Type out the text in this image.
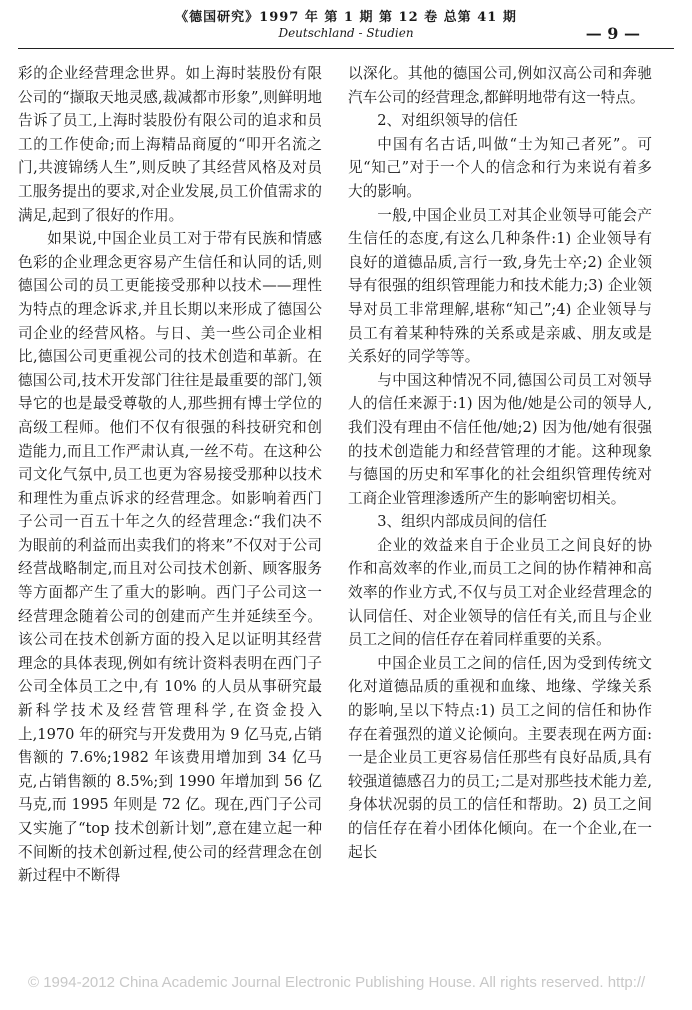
《德国研究》1997 年 第 1 期 第 12 卷 总第 41 期
Deutschland - Studien	— 9 —

彩的企业经营理念世界。如上海时装股份有限公司的“撷取天地灵感,裁减都市形象”,则鲜明地告诉了员工,上海时装股份有限公司的追求和员工的工作使命;而上海精品商厦的“叩开名流之门,共渡锦绣人生”,则反映了其经营风格及对员工服务提出的要求,对企业发展,员工价值需求的满足,起到了很好的作用。

如果说,中国企业员工对于带有民族和情感色彩的企业理念更容易产生信任和认同的话,则德国公司的员工更能接受那种以技术——理性为特点的理念诉求,并且长期以来形成了德国公司企业的经营风格。与日、美一些公司企业相比,德国公司更重视公司的技术创造和革新。在德国公司,技术开发部门往往是最重要的部门,领导它的也是最受尊敬的人,那些拥有博士学位的高级工程师。他们不仅有很强的科技研究和创造能力,而且工作严肃认真,一丝不苟。在这种公司文化气氛中,员工也更为容易接受那种以技术和理性为重点诉求的经营理念。如影响着西门子公司一百五十年之久的经营理念:“我们决不为眼前的利益而出卖我们的将来”不仅对于公司经营战略制定,而且对公司技术创新、顾客服务等方面都产生了重大的影响。西门子公司这一经营理念随着公司的创建而产生并延续至今。该公司在技术创新方面的投入足以证明其经营理念的具体表现,例如有统计资料表明在西门子公司全体员工之中,有 10% 的人员从事研究最新科学技术及经营管理科学,在资金投入上,1970 年的研究与开发费用为 9 亿马克,占销售额的 7.6%;1982 年该费用增加到 34 亿马克,占销售额的 8.5%;到 1990 年增加到 56 亿马克,而 1995 年则是 72 亿。现在,西门子公司又实施了“top 技术创新计划”,意在建立起一种不间断的技术创新过程,使公司的经营理念在创新过程中不断得

以深化。其他的德国公司,例如汉高公司和奔驰汽车公司的经营理念,都鲜明地带有这一特点。

2、对组织领导的信任

中国有名古话,叫做“士为知己者死”。可见“知己”对于一个人的信念和行为来说有着多大的影响。

一般,中国企业员工对其企业领导可能会产生信任的态度,有这么几种条件:1) 企业领导有良好的道德品质,言行一致,身先士卒;2) 企业领导有很强的组织管理能力和技术能力;3) 企业领导对员工非常理解,堪称“知己”;4) 企业领导与员工有着某种特殊的关系或是亲戚、朋友或是关系好的同学等等。

与中国这种情况不同,德国公司员工对领导人的信任来源于:1) 因为他/她是公司的领导人,我们没有理由不信任他/她;2) 因为他/她有很强的技术创造能力和经营管理的才能。这种现象与德国的历史和军事化的社会组织管理传统对工商企业管理渗透所产生的影响密切相关。

3、组织内部成员间的信任

企业的效益来自于企业员工之间良好的协作和高效率的作业,而员工之间的协作精神和高效率的作业方式,不仅与员工对企业经营理念的认同信任、对企业领导的信任有关,而且与企业员工之间的信任存在着同样重要的关系。

中国企业员工之间的信任,因为受到传统文化对道德品质的重视和血缘、地缘、学缘关系的影响,呈以下特点:1) 员工之间的信任和协作存在着强烈的道义论倾向。主要表现在两方面:一是企业员工更容易信任那些有良好品质,具有较强道德感召力的员工;二是对那些技术能力差,身体状况弱的员工的信任和帮助。2) 员工之间的信任存在着小团体化倾向。在一个企业,在一起长

© 1994-2012 China Academic Journal Electronic Publishing House. All rights reserved. http://
